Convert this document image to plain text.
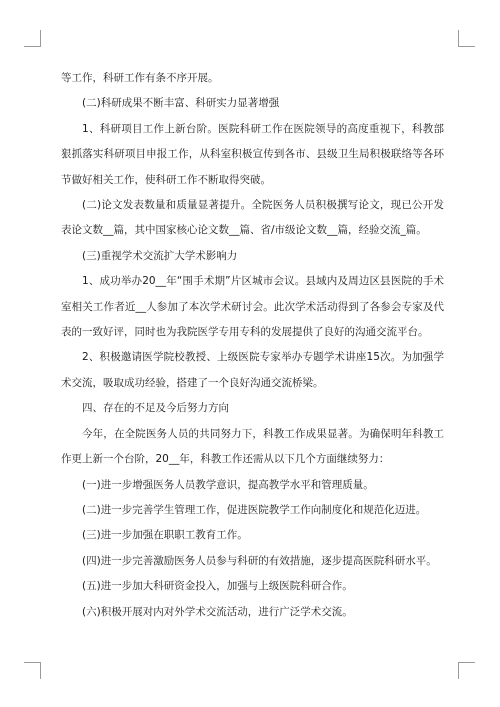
等工作，科研工作有条不序开展。

(二)科研成果不断丰富、科研实力显著增强

1、科研项目工作上新台阶。医院科研工作在医院领导的高度重视下，科教部狠抓落实科研项目申报工作，从科室积极宣传到各市、县级卫生局积极联络等各环节做好相关工作，使科研工作不断取得突破。

(二)论文发表数量和质量显著提升。全院医务人员积极撰写论文，现已公开发表论文数__篇，其中国家核心论文数__篇、省/市级论文数__篇，经验交流_篇。

(三)重视学术交流扩大学术影响力

1、成功举办20__年“围手术期”片区城市会议。县域内及周边区县医院的手术室相关工作者近__人参加了本次学术研讨会。此次学术活动得到了各参会专家及代表的一致好评，同时也为我院医学专用专科的发展提供了良好的沟通交流平台。

2、积极邀请医学院校教授、上级医院专家举办专题学术讲座15次。为加强学术交流，吸取成功经验，搭建了一个良好沟通交流桥梁。

四、存在的不足及今后努力方向

今年，在全院医务人员的共同努力下，科教工作成果显著。为确保明年科教工作更上新一个台阶，20__年，科教工作还需从以下几个方面继续努力：

(一)进一步增强医务人员教学意识，提高教学水平和管理质量。

(二)进一步完善学生管理工作，促进医院教学工作向制度化和规范化迈进。

(三)进一步加强在职职工教育工作。

(四)进一步完善激励医务人员参与科研的有效措施，逐步提高医院科研水平。

(五)进一步加大科研资金投入，加强与上级医院科研合作。

(六)积极开展对内对外学术交流活动，进行广泛学术交流。
